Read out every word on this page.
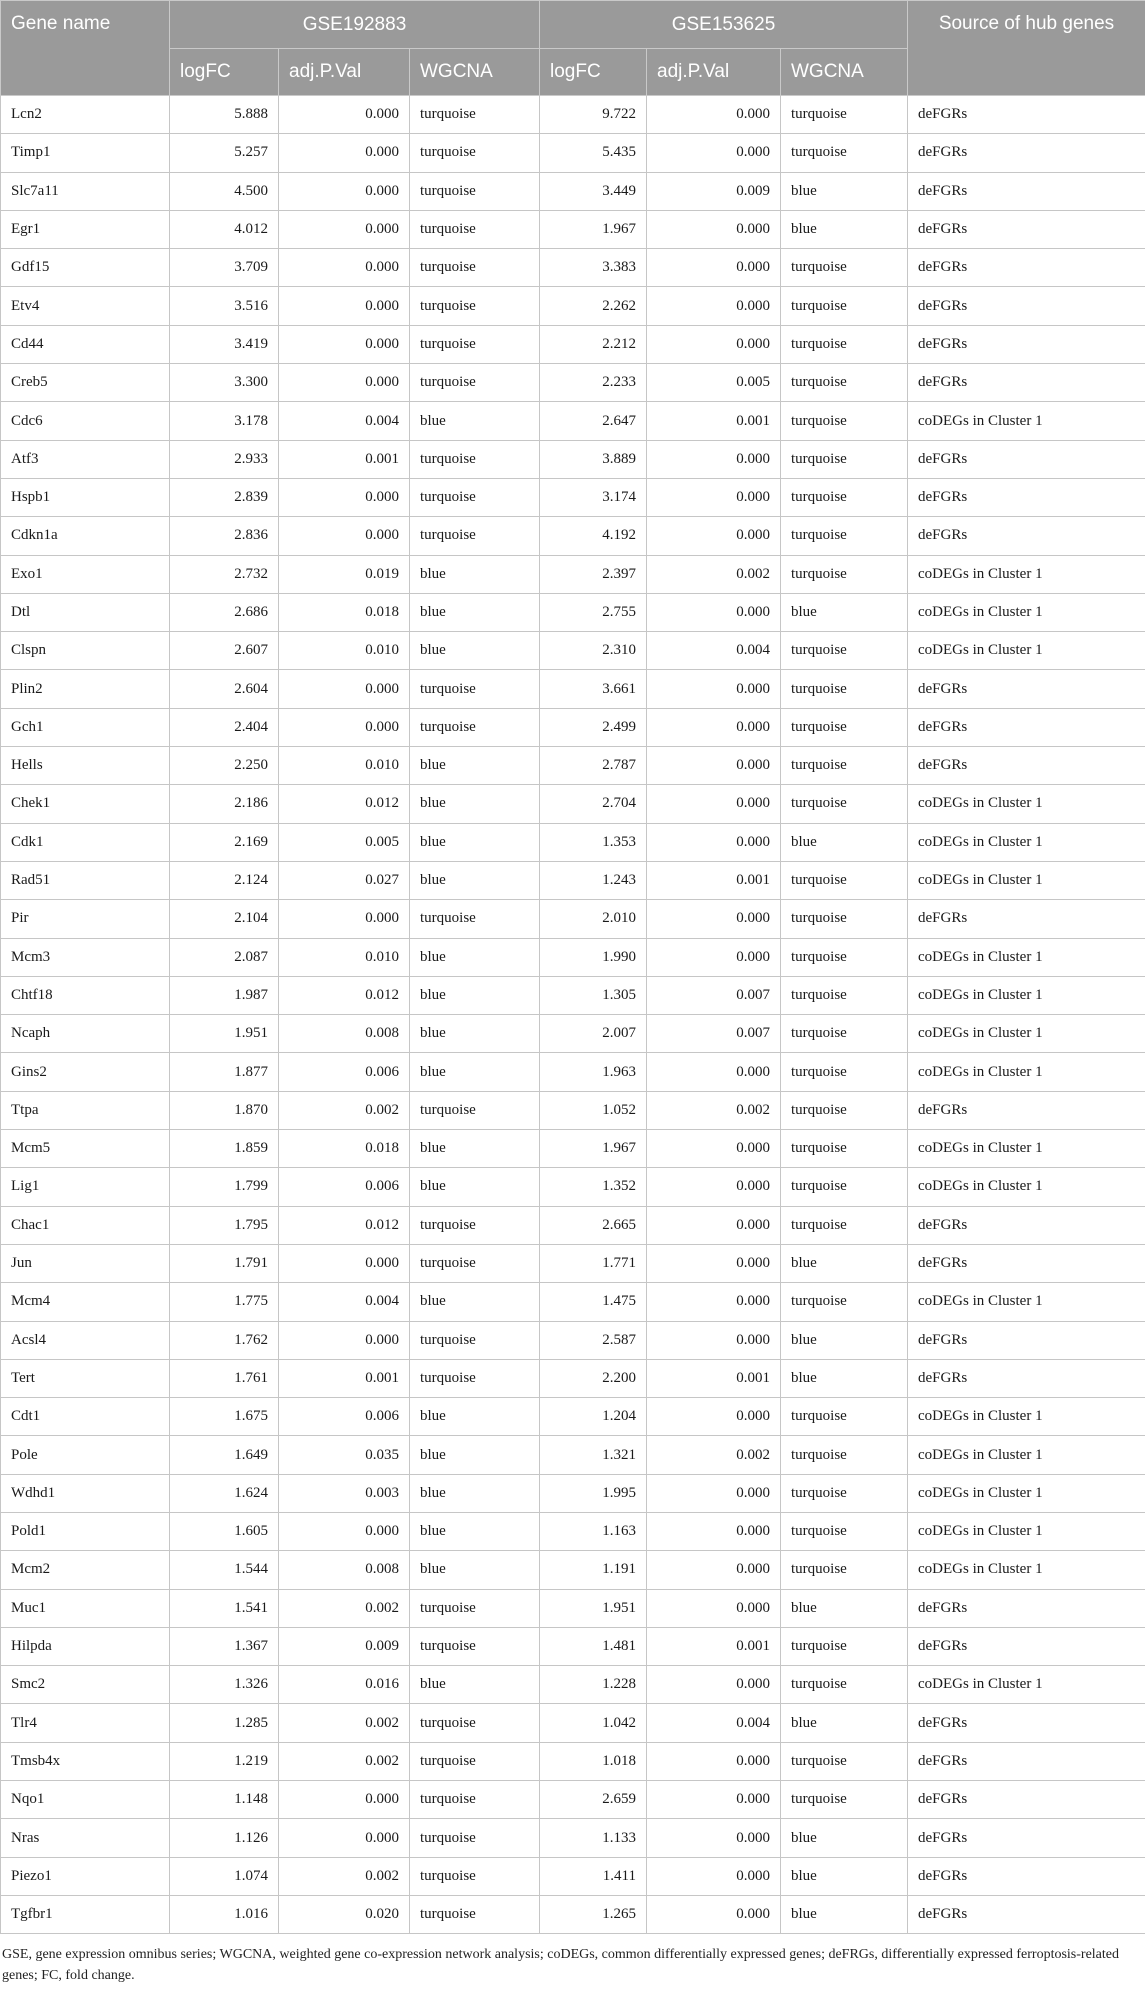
Gene name	GSE192883			GSE153625			Source of hub genes
	logFC	adj.P.Val	WGCNA	logFC	adj.P.Val	WGCNA	
Lcn2	5.888	0.000	turquoise	9.722	0.000	turquoise	deFGRs
Timp1	5.257	0.000	turquoise	5.435	0.000	turquoise	deFGRs
Slc7a11	4.500	0.000	turquoise	3.449	0.009	blue	deFGRs
Egr1	4.012	0.000	turquoise	1.967	0.000	blue	deFGRs
Gdf15	3.709	0.000	turquoise	3.383	0.000	turquoise	deFGRs
Etv4	3.516	0.000	turquoise	2.262	0.000	turquoise	deFGRs
Cd44	3.419	0.000	turquoise	2.212	0.000	turquoise	deFGRs
Creb5	3.300	0.000	turquoise	2.233	0.005	turquoise	deFGRs
Cdc6	3.178	0.004	blue	2.647	0.001	turquoise	coDEGs in Cluster 1
Atf3	2.933	0.001	turquoise	3.889	0.000	turquoise	deFGRs
Hspb1	2.839	0.000	turquoise	3.174	0.000	turquoise	deFGRs
Cdkn1a	2.836	0.000	turquoise	4.192	0.000	turquoise	deFGRs
Exo1	2.732	0.019	blue	2.397	0.002	turquoise	coDEGs in Cluster 1
Dtl	2.686	0.018	blue	2.755	0.000	blue	coDEGs in Cluster 1
Clspn	2.607	0.010	blue	2.310	0.004	turquoise	coDEGs in Cluster 1
Plin2	2.604	0.000	turquoise	3.661	0.000	turquoise	deFGRs
Gch1	2.404	0.000	turquoise	2.499	0.000	turquoise	deFGRs
Hells	2.250	0.010	blue	2.787	0.000	turquoise	deFGRs
Chek1	2.186	0.012	blue	2.704	0.000	turquoise	coDEGs in Cluster 1
Cdk1	2.169	0.005	blue	1.353	0.000	blue	coDEGs in Cluster 1
Rad51	2.124	0.027	blue	1.243	0.001	turquoise	coDEGs in Cluster 1
Pir	2.104	0.000	turquoise	2.010	0.000	turquoise	deFGRs
Mcm3	2.087	0.010	blue	1.990	0.000	turquoise	coDEGs in Cluster 1
Chtf18	1.987	0.012	blue	1.305	0.007	turquoise	coDEGs in Cluster 1
Ncaph	1.951	0.008	blue	2.007	0.007	turquoise	coDEGs in Cluster 1
Gins2	1.877	0.006	blue	1.963	0.000	turquoise	coDEGs in Cluster 1
Ttpa	1.870	0.002	turquoise	1.052	0.002	turquoise	deFGRs
Mcm5	1.859	0.018	blue	1.967	0.000	turquoise	coDEGs in Cluster 1
Lig1	1.799	0.006	blue	1.352	0.000	turquoise	coDEGs in Cluster 1
Chac1	1.795	0.012	turquoise	2.665	0.000	turquoise	deFGRs
Jun	1.791	0.000	turquoise	1.771	0.000	blue	deFGRs
Mcm4	1.775	0.004	blue	1.475	0.000	turquoise	coDEGs in Cluster 1
Acsl4	1.762	0.000	turquoise	2.587	0.000	blue	deFGRs
Tert	1.761	0.001	turquoise	2.200	0.001	blue	deFGRs
Cdt1	1.675	0.006	blue	1.204	0.000	turquoise	coDEGs in Cluster 1
Pole	1.649	0.035	blue	1.321	0.002	turquoise	coDEGs in Cluster 1
Wdhd1	1.624	0.003	blue	1.995	0.000	turquoise	coDEGs in Cluster 1
Pold1	1.605	0.000	blue	1.163	0.000	turquoise	coDEGs in Cluster 1
Mcm2	1.544	0.008	blue	1.191	0.000	turquoise	coDEGs in Cluster 1
Muc1	1.541	0.002	turquoise	1.951	0.000	blue	deFGRs
Hilpda	1.367	0.009	turquoise	1.481	0.001	turquoise	deFGRs
Smc2	1.326	0.016	blue	1.228	0.000	turquoise	coDEGs in Cluster 1
Tlr4	1.285	0.002	turquoise	1.042	0.004	blue	deFGRs
Tmsb4x	1.219	0.002	turquoise	1.018	0.000	turquoise	deFGRs
Nqo1	1.148	0.000	turquoise	2.659	0.000	turquoise	deFGRs
Nras	1.126	0.000	turquoise	1.133	0.000	blue	deFGRs
Piezo1	1.074	0.002	turquoise	1.411	0.000	blue	deFGRs
Tgfbr1	1.016	0.020	turquoise	1.265	0.000	blue	deFGRs
GSE, gene expression omnibus series; WGCNA, weighted gene co-expression network analysis; coDEGs, common differentially expressed genes; deFRGs, differentially expressed ferroptosis-related genes; FC, fold change.
